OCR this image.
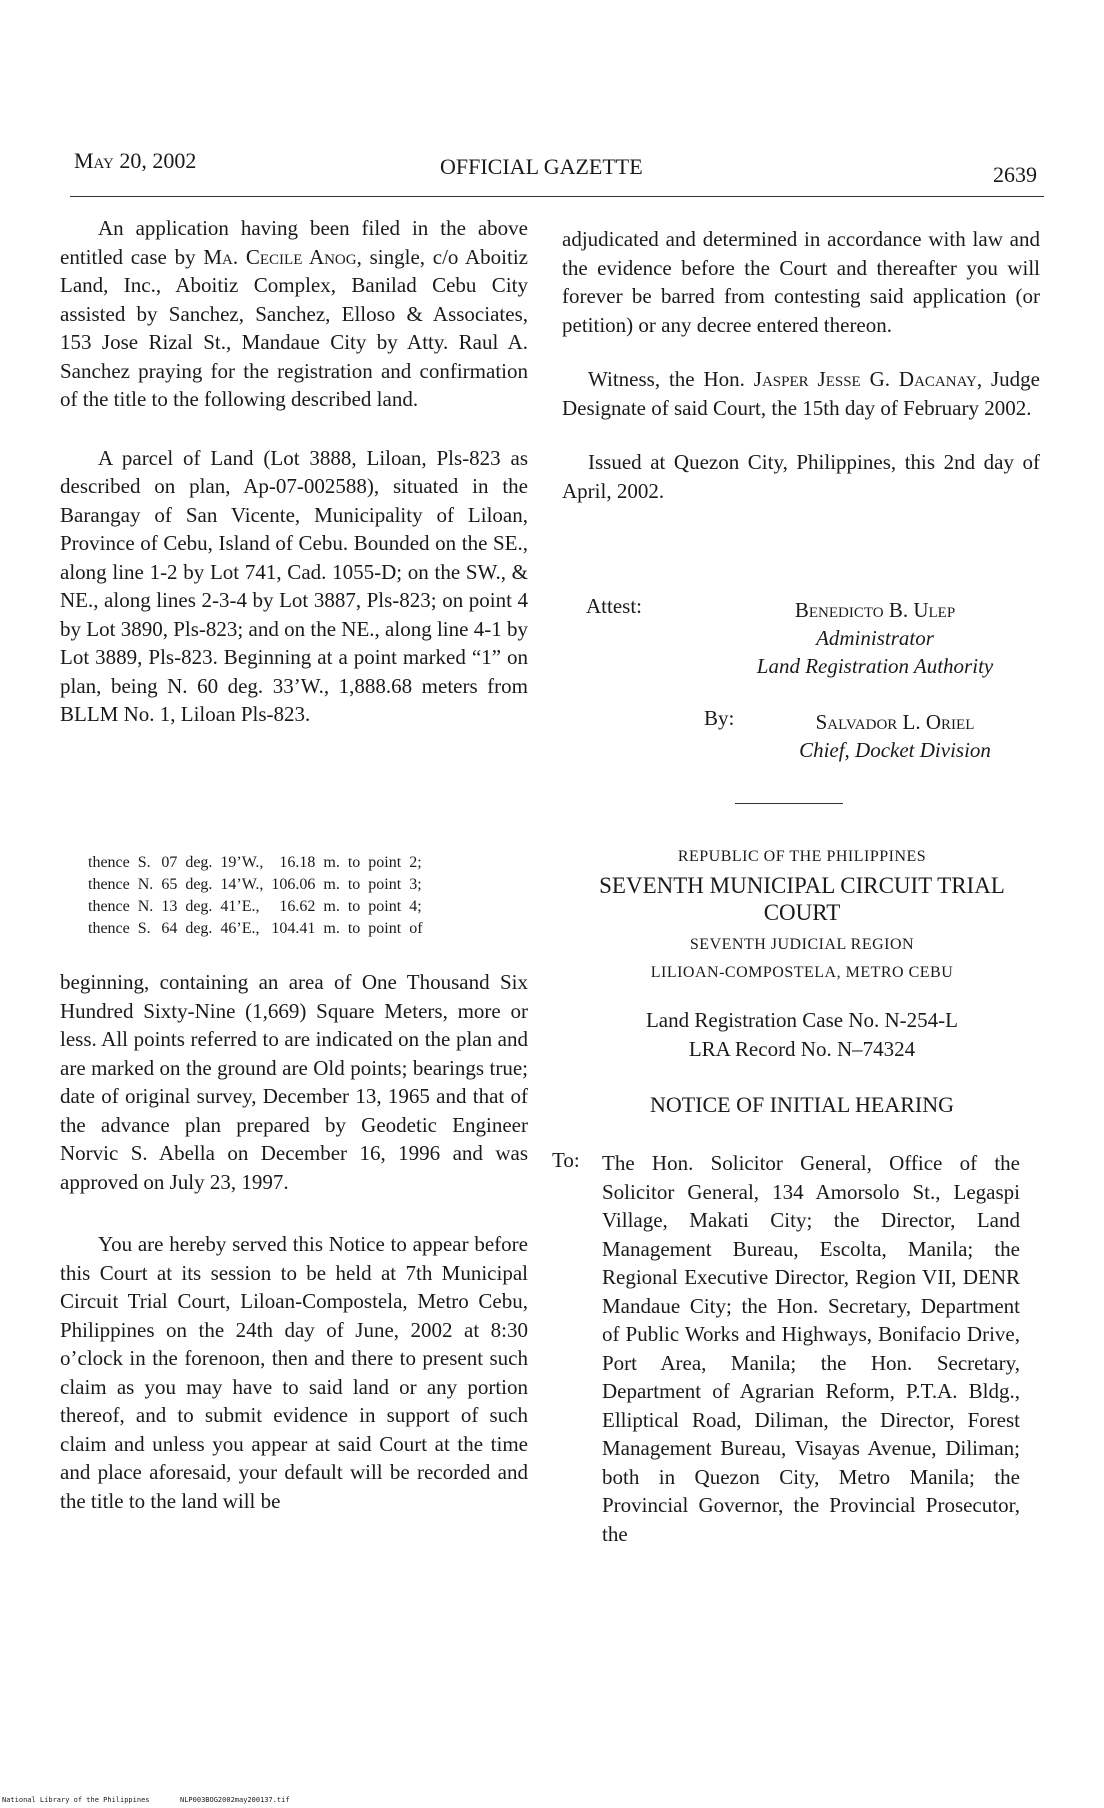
May 20, 2002	OFFICIAL GAZETTE	2639

An application having been filed in the above entitled case by Ma. Cecile Anog, single, c/o Aboitiz Land, Inc., Aboitiz Complex, Banilad Cebu City assisted by Sanchez, Sanchez, Elloso & Associates, 153 Jose Rizal St., Mandaue City by Atty. Raul A. Sanchez praying for the registration and confirmation of the title to the following described land.

A parcel of Land (Lot 3888, Liloan, Pls-823 as described on plan, Ap-07-002588), situated in the Barangay of San Vicente, Municipality of Liloan, Province of Cebu, Island of Cebu. Bounded on the SE., along line 1-2 by Lot 741, Cad. 1055-D; on the SW., & NE., along lines 2-3-4 by Lot 3887, Pls-823; on point 4 by Lot 3890, Pls-823; and on the NE., along line 4-1 by Lot 3889, Pls-823. Beginning at a point marked “1” on plan, being N. 60 deg. 33’W., 1,888.68 meters from BLLM No. 1, Liloan Pls-823.

thence	S.	07	deg.	19’W.,	16.18	m.	to	point	2;
thence	N.	65	deg.	14’W.,	106.06	m.	to	point	3;
thence	N.	13	deg.	41’E.,	16.62	m.	to	point	4;
thence	S.	64	deg.	46’E.,	104.41	m.	to	point	of

beginning, containing an area of One Thousand Six Hundred Sixty-Nine (1,669) Square Meters, more or less. All points referred to are indicated on the plan and are marked on the ground are Old points; bearings true; date of original survey, December 13, 1965 and that of the advance plan prepared by Geodetic Engineer Norvic S. Abella on December 16, 1996 and was approved on July 23, 1997.

You are hereby served this Notice to appear before this Court at its session to be held at 7th Municipal Circuit Trial Court, Liloan-Compostela, Metro Cebu, Philippines on the 24th day of June, 2002 at 8:30 o’clock in the forenoon, then and there to present such claim as you may have to said land or any portion thereof, and to submit evidence in support of such claim and unless you appear at said Court at the time and place aforesaid, your default will be recorded and the title to the land will be

adjudicated and determined in accordance with law and the evidence before the Court and thereafter you will forever be barred from contesting said application (or petition) or any decree entered thereon.

Witness, the Hon. Jasper Jesse G. Dacanay, Judge Designate of said Court, the 15th day of February 2002.

Issued at Quezon City, Philippines, this 2nd day of April, 2002.

Attest:	Benedicto B. Ulep
Administrator
Land Registration Authority
By:	Salvador L. Oriel
Chief, Docket Division
REPUBLIC OF THE PHILIPPINES
SEVENTH MUNICIPAL CIRCUIT TRIAL COURT
SEVENTH JUDICIAL REGION
LILIOAN-COMPOSTELA, METRO CEBU
Land Registration Case No. N-254-L
LRA Record No. N–74324
NOTICE OF INITIAL HEARING
To: The Hon. Solicitor General, Office of the Solicitor General, 134 Amorsolo St., Legaspi Village, Makati City; the Director, Land Management Bureau, Escolta, Manila; the Regional Executive Director, Region VII, DENR Mandaue City; the Hon. Secretary, Department of Public Works and Highways, Bonifacio Drive, Port Area, Manila; the Hon. Secretary, Department of Agrarian Reform, P.T.A. Bldg., Elliptical Road, Diliman, the Director, Forest Management Bureau, Visayas Avenue, Diliman; both in Quezon City, Metro Manila; the Provincial Governor, the Provincial Prosecutor, the
National Library of the Philippines	NLP003BOG2002may200137.tif
